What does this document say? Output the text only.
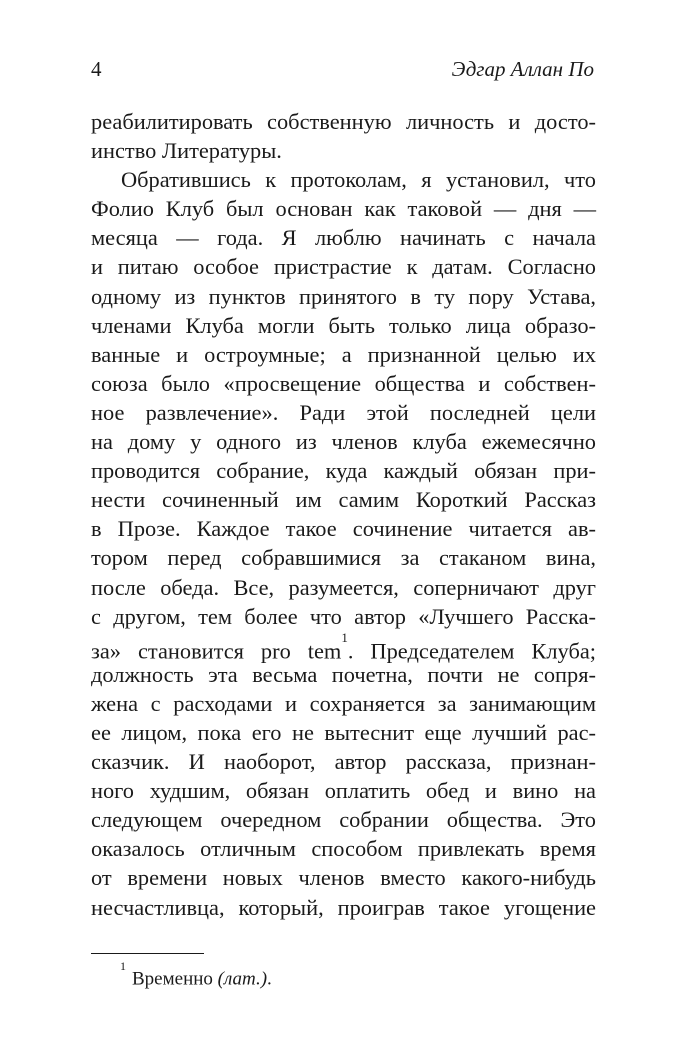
4	Эдгар Аллан По
реабилитировать собственную личность и досто-
инство Литературы.
Обратившись к протоколам, я установил, что
Фолио Клуб был основан как таковой — дня —
месяца — года. Я люблю начинать с начала
и питаю особое пристрастие к датам. Согласно
одному из пунктов принятого в ту пору Устава,
членами Клуба могли быть только лица образо-
ванные и остроумные; а признанной целью их
союза было «просвещение общества и собствен-
ное развлечение». Ради этой последней цели
на дому у одного из членов клуба ежемесячно
проводится собрание, куда каждый обязан при-
нести сочиненный им самим Короткий Рассказ
в Прозе. Каждое такое сочинение читается ав-
тором перед собравшимися за стаканом вина,
после обеда. Все, разумеется, соперничают друг
с другом, тем более что автор «Лучшего Расска-
за» становится pro tem$^1$. Председателем Клуба;
должность эта весьма почетна, почти не сопря-
жена с расходами и сохраняется за занимающим
ее лицом, пока его не вытеснит еще лучший рас-
сказчик. И наоборот, автор рассказа, признан-
ного худшим, обязан оплатить обед и вино на
следующем очередном собрании общества. Это
оказалось отличным способом привлекать время
от времени новых членов вместо какого-нибудь
несчастливца, который, проиграв такое угощение
$^1$Временно (лат.).
